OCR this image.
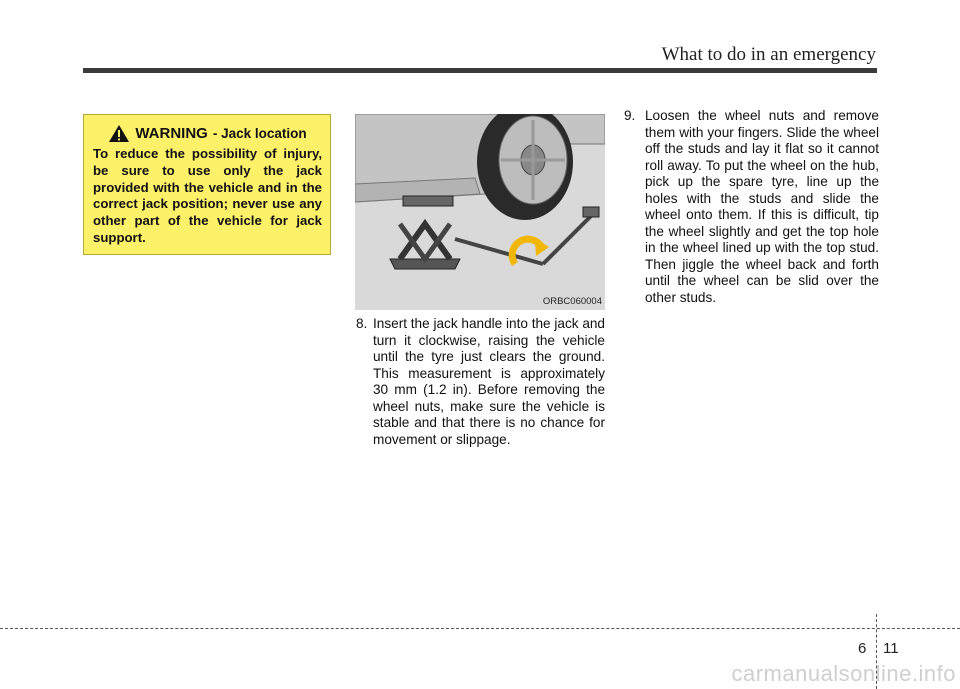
What to do in an emergency
WARNING - Jack location
To reduce the possibility of injury, be sure to use only the jack provided with the vehicle and in the correct jack position; never use any other part of the vehicle for jack support.
ORBC060004
8. Insert the jack handle into the jack and turn it clockwise, raising the vehicle until the tyre just clears the ground. This measurement is approximately 30 mm (1.2 in). Before removing the wheel nuts, make sure the vehicle is stable and that there is no chance for movement or slippage.
9. Loosen the wheel nuts and remove them with your fingers. Slide the wheel off the studs and lay it flat so it cannot roll away. To put the wheel on the hub, pick up the spare tyre, line up the holes with the studs and slide the wheel onto them. If this is difficult, tip the wheel slightly and get the top hole in the wheel lined up with the top stud. Then jiggle the wheel back and forth until the wheel can be slid over the other studs.
6 11
carmanualsonline.info
